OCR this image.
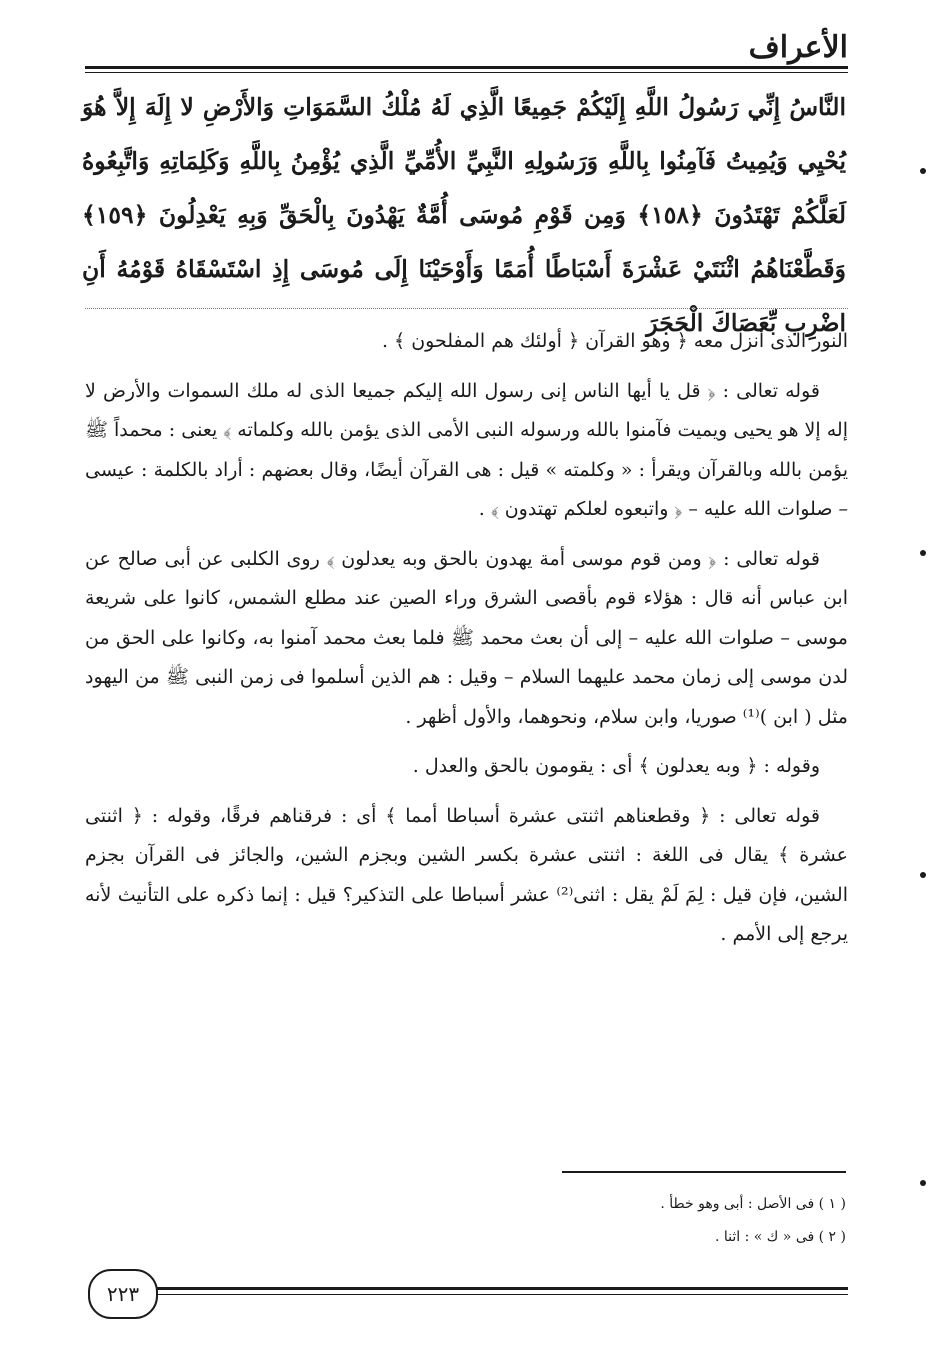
الأعراف
النَّاسُ إِنِّي رَسُولُ اللَّهِ إِلَيْكُمْ جَمِيعًا الَّذِي لَهُ مُلْكُ السَّمَوَاتِ وَالأَرْضِ لا إِلَهَ إِلاَّ هُوَ يُحْيِي وَيُمِيتُ فَآمِنُوا بِاللَّهِ وَرَسُولِهِ النَّبِيِّ الأُمِّيِّ الَّذِي يُؤْمِنُ بِاللَّهِ وَكَلِمَاتِهِ وَاتَّبِعُوهُ لَعَلَّكُمْ تَهْتَدُونَ ﴿١٥٨﴾ وَمِن قَوْمِ مُوسَى أُمَّةٌ يَهْدُونَ بِالْحَقِّ وَبِهِ يَعْدِلُونَ ﴿١٥٩﴾ وَقَطَّعْنَاهُمُ اثْنَتَيْ عَشْرَةَ أَسْبَاطًا أُمَمًا وَأَوْحَيْنَا إِلَى مُوسَى إِذِ اسْتَسْقَاهُ قَوْمُهُ أَنِ اضْرِب بِّعَصَاكَ الْحَجَرَ

النور الذى أنزل معه ﴿ وهو القرآن ﴿ أولئك هم المفلحون ﴾ .

قوله تعالى : ﴿ قل يا أيها الناس إنى رسول الله إليكم جميعا الذى له ملك السموات والأرض لا إله إلا هو يحيى ويميت فآمنوا بالله ورسوله النبى الأمى الذى يؤمن بالله وكلماته ﴾ يعنى : محمداً ﷺ يؤمن بالله وبالقرآن ويقرأ : « وكلمته » قيل : هى القرآن أيضًا، وقال بعضهم : أراد بالكلمة : عيسى – صلوات الله عليه – ﴿ واتبعوه لعلكم تهتدون ﴾ .

قوله تعالى : ﴿ ومن قوم موسى أمة يهدون بالحق وبه يعدلون ﴾ روى الكلبى عن أبى صالح عن ابن عباس أنه قال : هؤلاء قوم بأقصى الشرق وراء الصين عند مطلع الشمس، كانوا على شريعة موسى – صلوات الله عليه – إلى أن بعث محمد ﷺ فلما بعث محمد آمنوا به، وكانوا على الحق من لدن موسى إلى زمان محمد عليهما السلام – وقيل : هم الذين أسلموا فى زمن النبى ﷺ من اليهود مثل ( ابن )⁽¹⁾ صوريا، وابن سلام، ونحوهما، والأول أظهر .

وقوله : ﴿ وبه يعدلون ﴾ أى : يقومون بالحق والعدل .

قوله تعالى : ﴿ وقطعناهم اثنتى عشرة أسباطا أمما ﴾ أى : فرقناهم فرقًا، وقوله : ﴿ اثنتى عشرة ﴾ يقال فى اللغة : اثنتى عشرة بكسر الشين وبجزم الشين، والجائز فى القرآن بجزم الشين، فإن قيل : لِمَ لَمْ يقل : اثنى⁽²⁾ عشر أسباطا على التذكير؟ قيل : إنما ذكره على التأنيث لأنه يرجع إلى الأمم .

( ١ ) فى الأصل : أبى وهو خطأ .
( ٢ ) فى « ك » : اثنا .
٢٢٣
